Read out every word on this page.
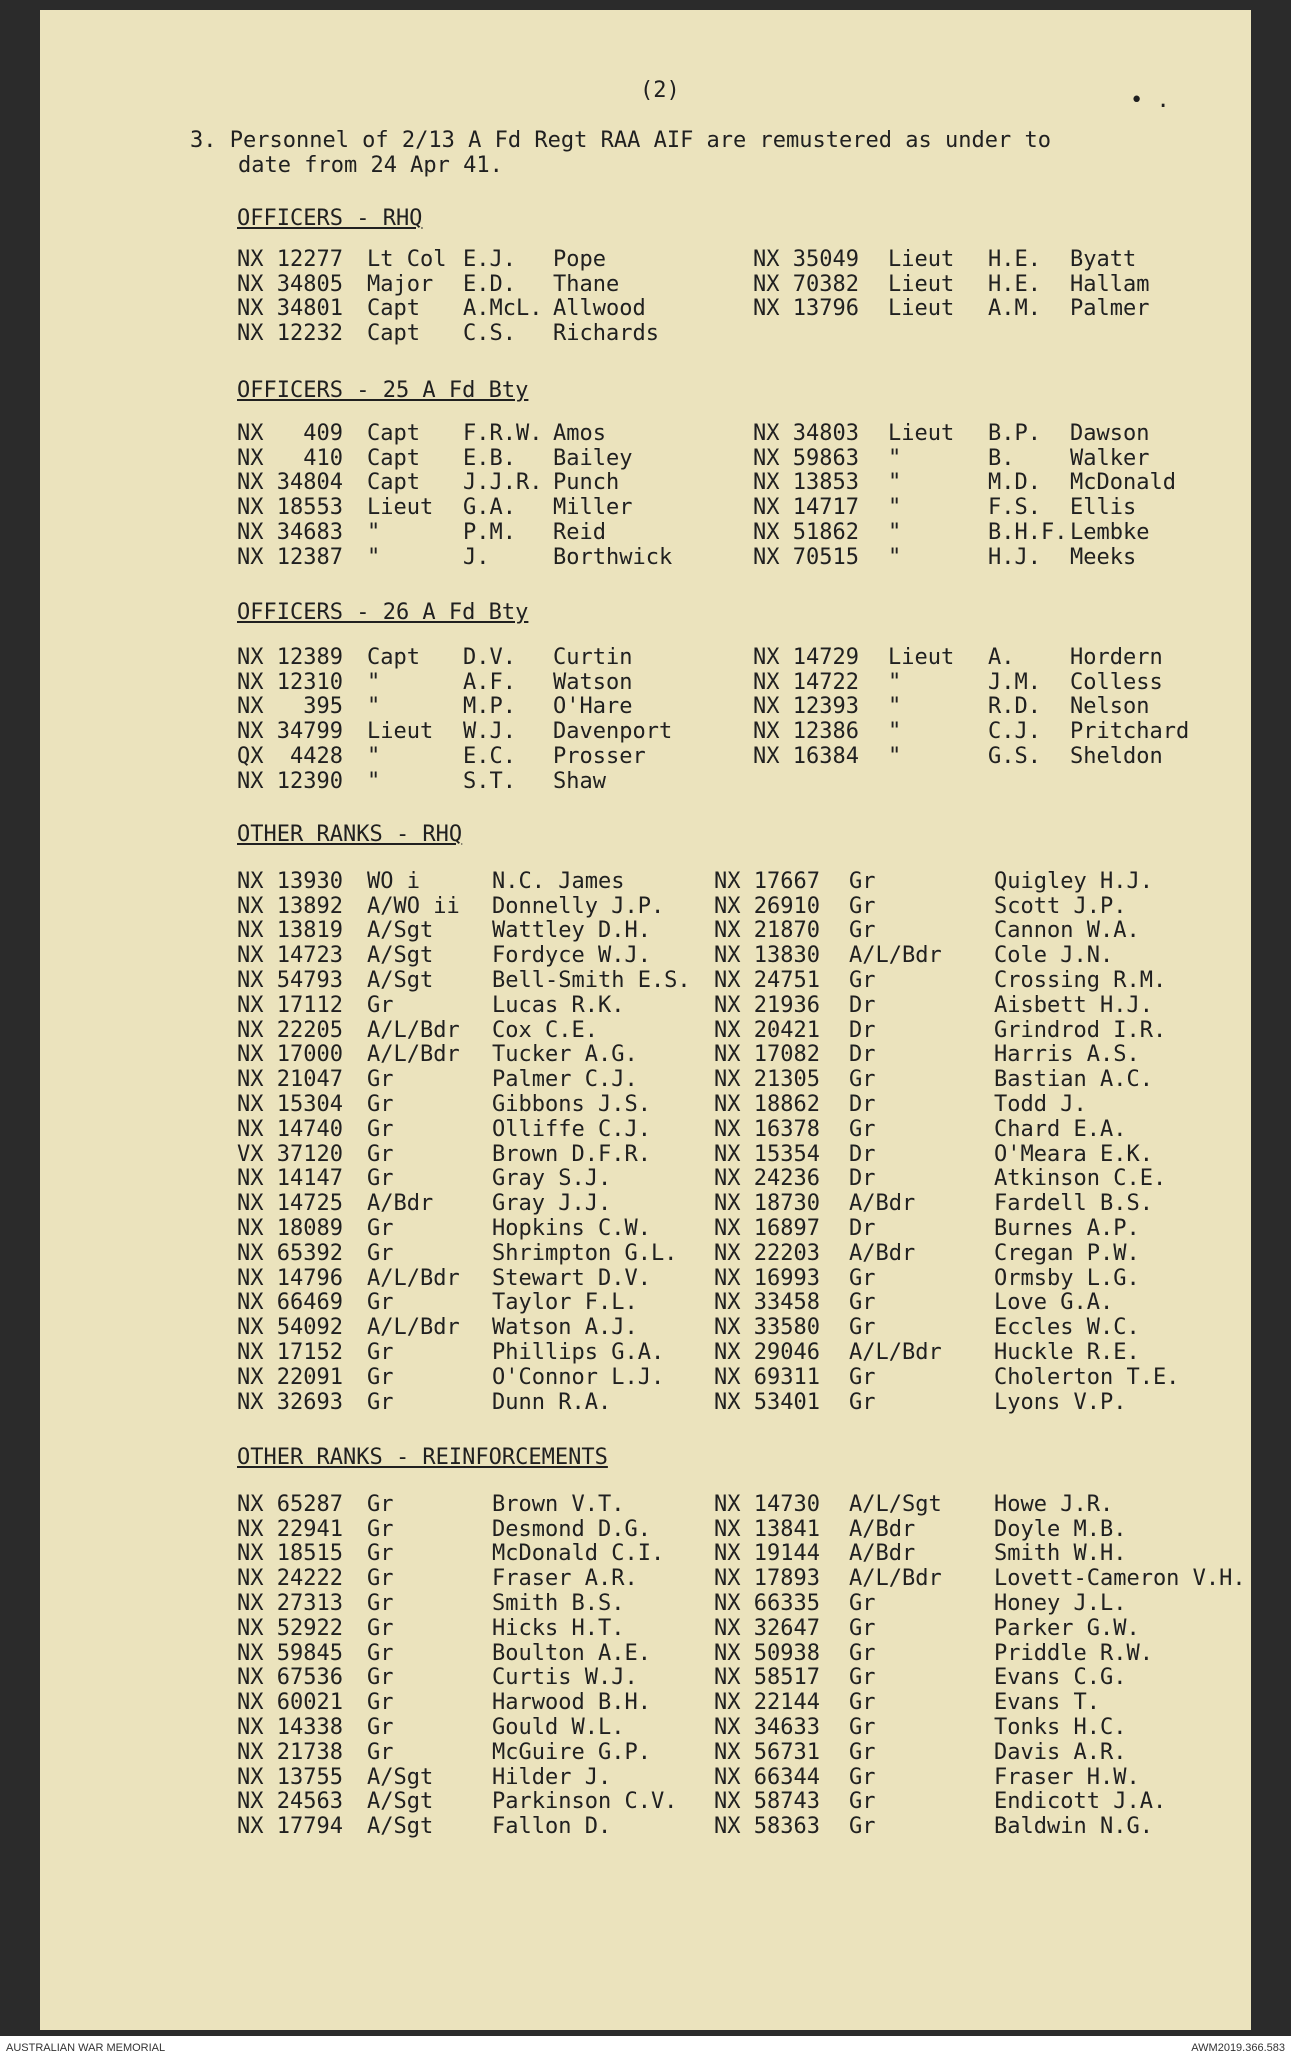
(2)	• .
3. Personnel of 2/13 A Fd Regt RAA AIF are remustered as under to
date from 24 Apr 41.
OFFICERS - RHQ
NX 12277	Lt Col	E.J.	Pope	NX 35049	Lieut	H.E.	Byatt
NX 34805	Major	E.D.	Thane	NX 70382	Lieut	H.E.	Hallam
NX 34801	Capt	A.McL.	Allwood	NX 13796	Lieut	A.M.	Palmer
NX 12232	Capt	C.S.	Richards				
OFFICERS - 25 A Fd Bty
NX   409	Capt	F.R.W.	Amos	NX 34803	Lieut	B.P.	Dawson
NX   410	Capt	E.B.	Bailey	NX 59863	"	B.	Walker
NX 34804	Capt	J.J.R.	Punch	NX 13853	"	M.D.	McDonald
NX 18553	Lieut	G.A.	Miller	NX 14717	"	F.S.	Ellis
NX 34683	"	P.M.	Reid	NX 51862	"	B.H.F.	Lembke
NX 12387	"	J.	Borthwick	NX 70515	"	H.J.	Meeks
OFFICERS - 26 A Fd Bty
NX 12389	Capt	D.V.	Curtin	NX 14729	Lieut	A.	Hordern
NX 12310	"	A.F.	Watson	NX 14722	"	J.M.	Colless
NX   395	"	M.P.	O'Hare	NX 12393	"	R.D.	Nelson
NX 34799	Lieut	W.J.	Davenport	NX 12386	"	C.J.	Pritchard
QX  4428	"	E.C.	Prosser	NX 16384	"	G.S.	Sheldon
NX 12390	"	S.T.	Shaw				
OTHER RANKS - RHQ
NX 13930	WO i	N.C. James	NX 17667	Gr	Quigley H.J.
NX 13892	A/WO ii	Donnelly J.P.	NX 26910	Gr	Scott J.P.
NX 13819	A/Sgt	Wattley D.H.	NX 21870	Gr	Cannon W.A.
NX 14723	A/Sgt	Fordyce W.J.	NX 13830	A/L/Bdr	Cole J.N.
NX 54793	A/Sgt	Bell-Smith E.S.	NX 24751	Gr	Crossing R.M.
NX 17112	Gr	Lucas R.K.	NX 21936	Dr	Aisbett H.J.
NX 22205	A/L/Bdr	Cox C.E.	NX 20421	Dr	Grindrod I.R.
NX 17000	A/L/Bdr	Tucker A.G.	NX 17082	Dr	Harris A.S.
NX 21047	Gr	Palmer C.J.	NX 21305	Gr	Bastian A.C.
NX 15304	Gr	Gibbons J.S.	NX 18862	Dr	Todd J.
NX 14740	Gr	Olliffe C.J.	NX 16378	Gr	Chard E.A.
VX 37120	Gr	Brown D.F.R.	NX 15354	Dr	O'Meara E.K.
NX 14147	Gr	Gray S.J.	NX 24236	Dr	Atkinson C.E.
NX 14725	A/Bdr	Gray J.J.	NX 18730	A/Bdr	Fardell B.S.
NX 18089	Gr	Hopkins C.W.	NX 16897	Dr	Burnes A.P.
NX 65392	Gr	Shrimpton G.L.	NX 22203	A/Bdr	Cregan P.W.
NX 14796	A/L/Bdr	Stewart D.V.	NX 16993	Gr	Ormsby L.G.
NX 66469	Gr	Taylor F.L.	NX 33458	Gr	Love G.A.
NX 54092	A/L/Bdr	Watson A.J.	NX 33580	Gr	Eccles W.C.
NX 17152	Gr	Phillips G.A.	NX 29046	A/L/Bdr	Huckle R.E.
NX 22091	Gr	O'Connor L.J.	NX 69311	Gr	Cholerton T.E.
NX 32693	Gr	Dunn R.A.	NX 53401	Gr	Lyons V.P.
OTHER RANKS - REINFORCEMENTS
NX 65287	Gr	Brown V.T.	NX 14730	A/L/Sgt	Howe J.R.
NX 22941	Gr	Desmond D.G.	NX 13841	A/Bdr	Doyle M.B.
NX 18515	Gr	McDonald C.I.	NX 19144	A/Bdr	Smith W.H.
NX 24222	Gr	Fraser A.R.	NX 17893	A/L/Bdr	Lovett-Cameron V.H.
NX 27313	Gr	Smith B.S.	NX 66335	Gr	Honey J.L.
NX 52922	Gr	Hicks H.T.	NX 32647	Gr	Parker G.W.
NX 59845	Gr	Boulton A.E.	NX 50938	Gr	Priddle R.W.
NX 67536	Gr	Curtis W.J.	NX 58517	Gr	Evans C.G.
NX 60021	Gr	Harwood B.H.	NX 22144	Gr	Evans T.
NX 14338	Gr	Gould W.L.	NX 34633	Gr	Tonks H.C.
NX 21738	Gr	McGuire G.P.	NX 56731	Gr	Davis A.R.
NX 13755	A/Sgt	Hilder J.	NX 66344	Gr	Fraser H.W.
NX 24563	A/Sgt	Parkinson C.V.	NX 58743	Gr	Endicott J.A.
NX 17794	A/Sgt	Fallon D.	NX 58363	Gr	Baldwin N.G.
AUSTRALIAN WAR MEMORIAL	AWM2019.366.583
